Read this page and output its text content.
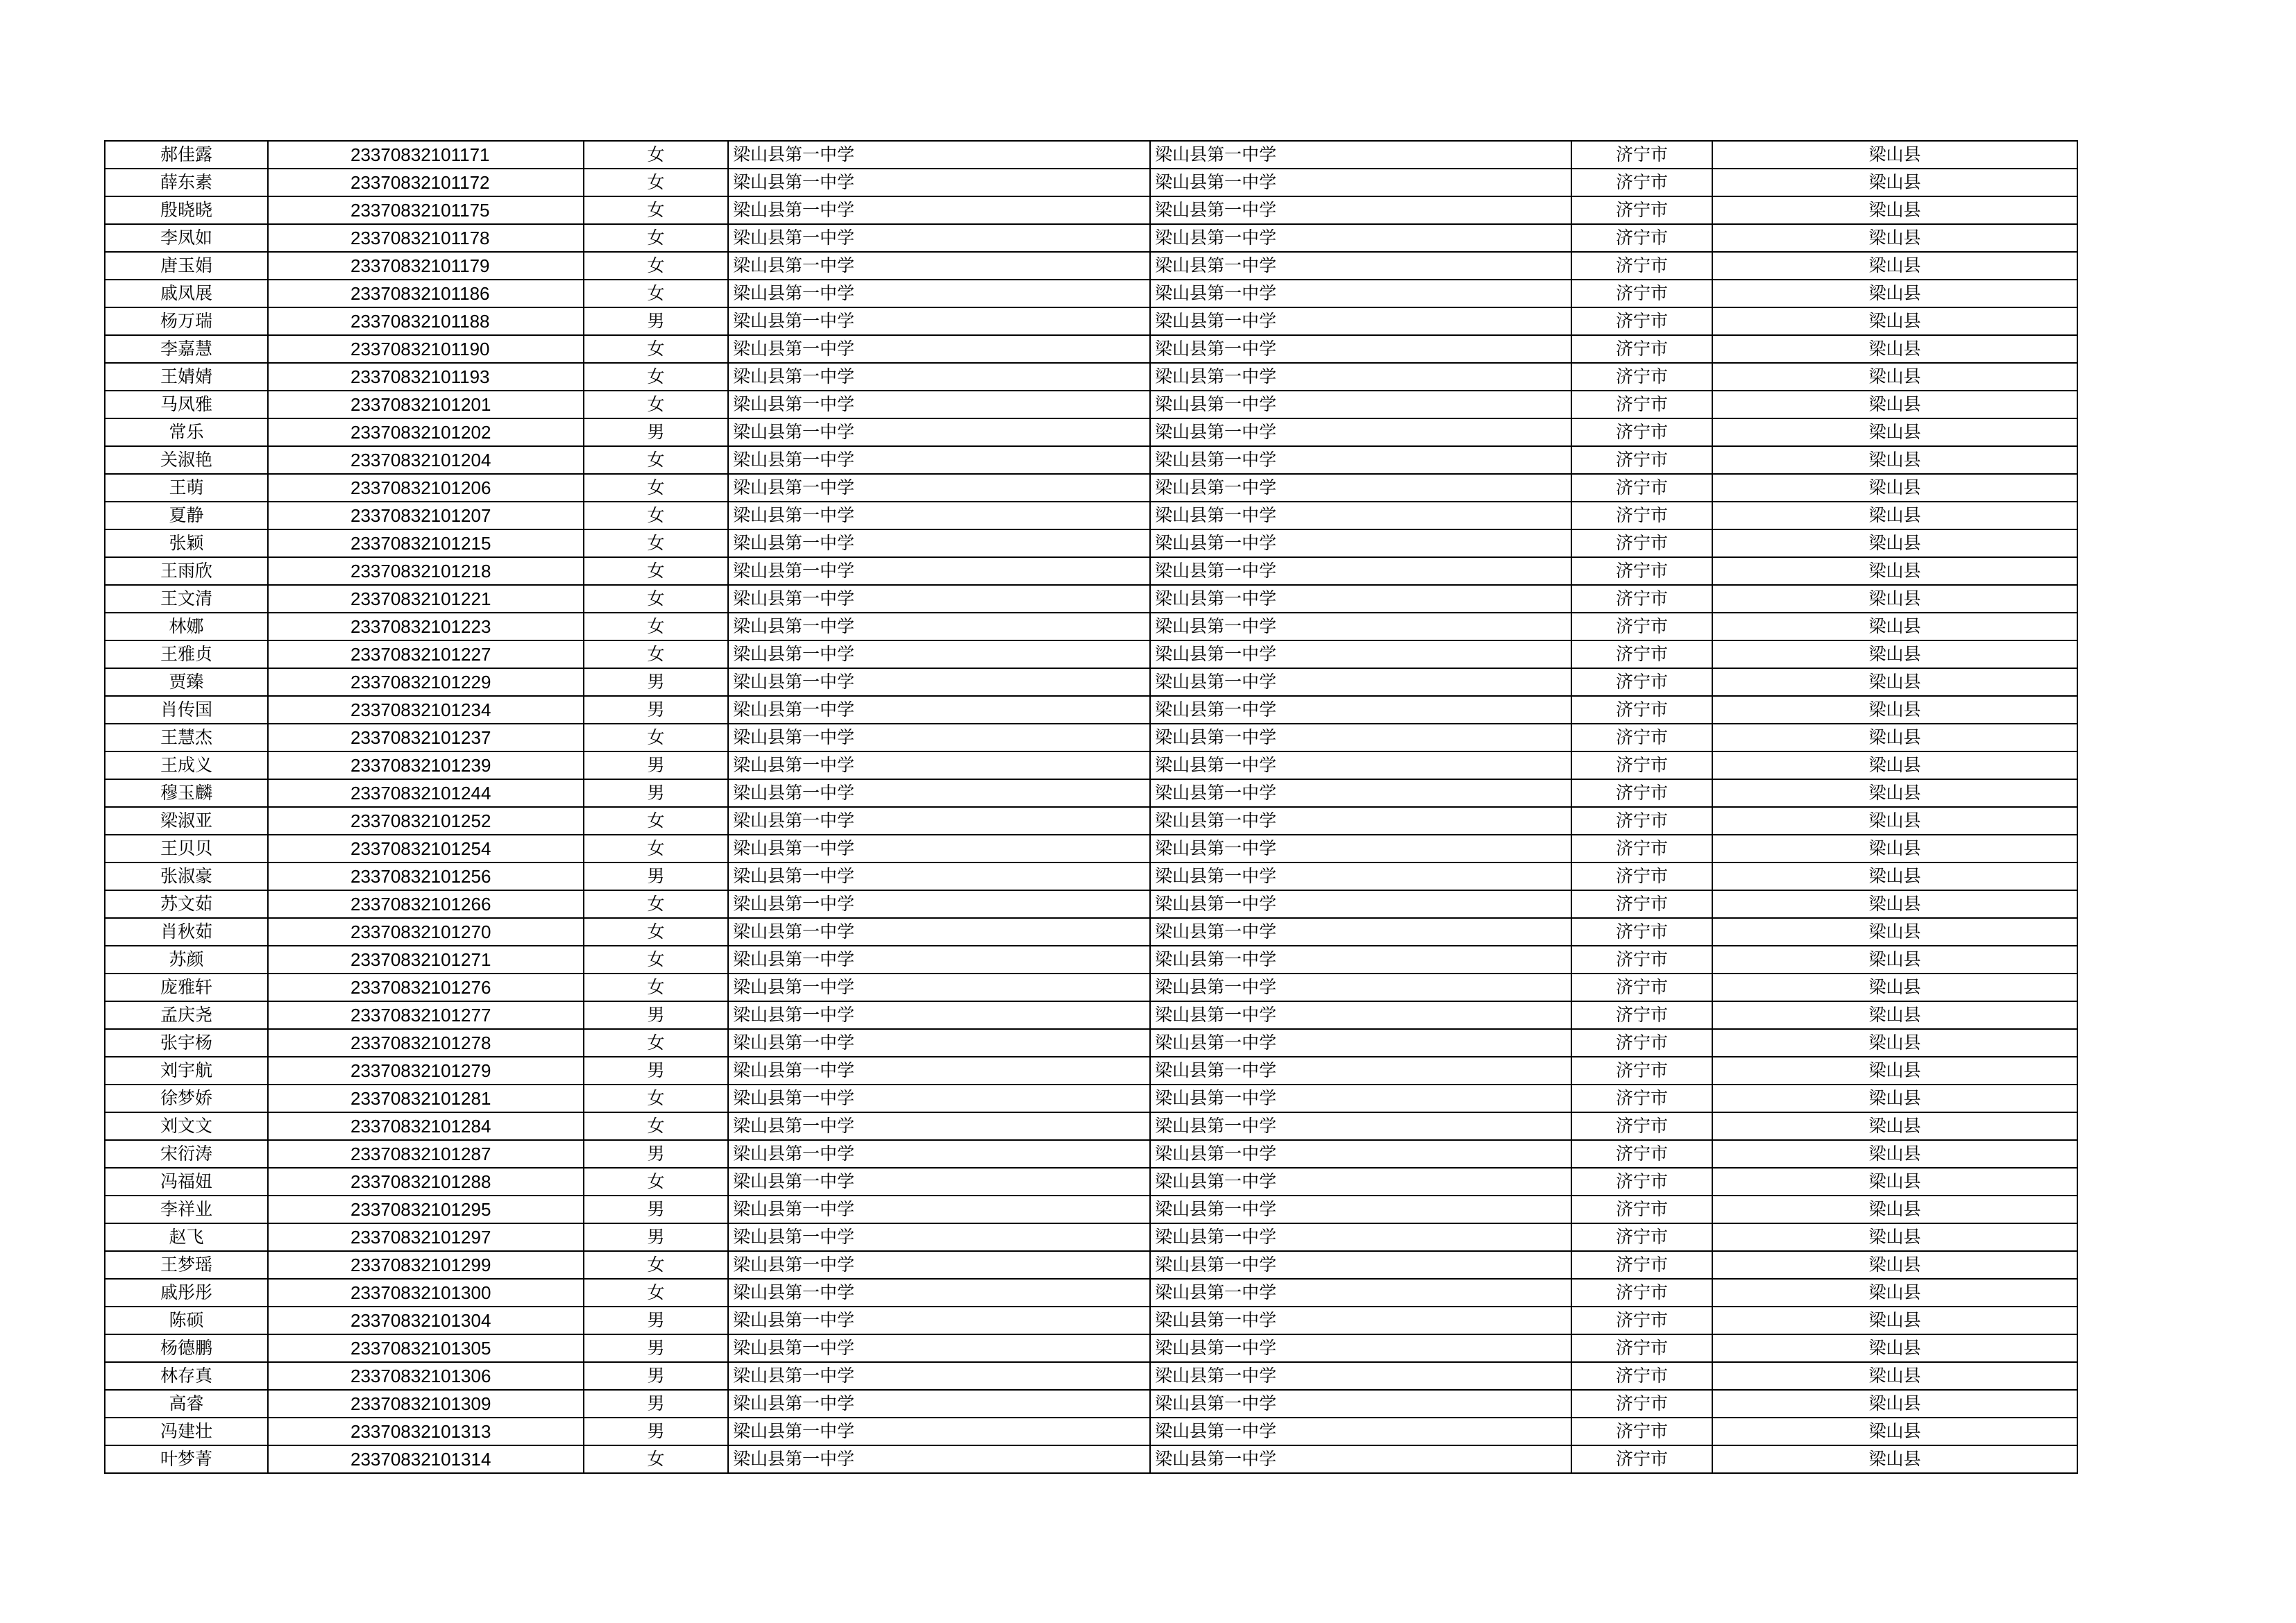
郝佳露	23370832101171	女	梁山县第一中学	梁山县第一中学	济宁市	梁山县
薛东素	23370832101172	女	梁山县第一中学	梁山县第一中学	济宁市	梁山县
殷晓晓	23370832101175	女	梁山县第一中学	梁山县第一中学	济宁市	梁山县
李凤如	23370832101178	女	梁山县第一中学	梁山县第一中学	济宁市	梁山县
唐玉娟	23370832101179	女	梁山县第一中学	梁山县第一中学	济宁市	梁山县
戚凤展	23370832101186	女	梁山县第一中学	梁山县第一中学	济宁市	梁山县
杨万瑞	23370832101188	男	梁山县第一中学	梁山县第一中学	济宁市	梁山县
李嘉慧	23370832101190	女	梁山县第一中学	梁山县第一中学	济宁市	梁山县
王婧婧	23370832101193	女	梁山县第一中学	梁山县第一中学	济宁市	梁山县
马凤雅	23370832101201	女	梁山县第一中学	梁山县第一中学	济宁市	梁山县
常乐	23370832101202	男	梁山县第一中学	梁山县第一中学	济宁市	梁山县
关淑艳	23370832101204	女	梁山县第一中学	梁山县第一中学	济宁市	梁山县
王萌	23370832101206	女	梁山县第一中学	梁山县第一中学	济宁市	梁山县
夏静	23370832101207	女	梁山县第一中学	梁山县第一中学	济宁市	梁山县
张颖	23370832101215	女	梁山县第一中学	梁山县第一中学	济宁市	梁山县
王雨欣	23370832101218	女	梁山县第一中学	梁山县第一中学	济宁市	梁山县
王文清	23370832101221	女	梁山县第一中学	梁山县第一中学	济宁市	梁山县
林娜	23370832101223	女	梁山县第一中学	梁山县第一中学	济宁市	梁山县
王雅贞	23370832101227	女	梁山县第一中学	梁山县第一中学	济宁市	梁山县
贾臻	23370832101229	男	梁山县第一中学	梁山县第一中学	济宁市	梁山县
肖传国	23370832101234	男	梁山县第一中学	梁山县第一中学	济宁市	梁山县
王慧杰	23370832101237	女	梁山县第一中学	梁山县第一中学	济宁市	梁山县
王成义	23370832101239	男	梁山县第一中学	梁山县第一中学	济宁市	梁山县
穆玉麟	23370832101244	男	梁山县第一中学	梁山县第一中学	济宁市	梁山县
梁淑亚	23370832101252	女	梁山县第一中学	梁山县第一中学	济宁市	梁山县
王贝贝	23370832101254	女	梁山县第一中学	梁山县第一中学	济宁市	梁山县
张淑豪	23370832101256	男	梁山县第一中学	梁山县第一中学	济宁市	梁山县
苏文茹	23370832101266	女	梁山县第一中学	梁山县第一中学	济宁市	梁山县
肖秋茹	23370832101270	女	梁山县第一中学	梁山县第一中学	济宁市	梁山县
苏颜	23370832101271	女	梁山县第一中学	梁山县第一中学	济宁市	梁山县
庞雅轩	23370832101276	女	梁山县第一中学	梁山县第一中学	济宁市	梁山县
孟庆尧	23370832101277	男	梁山县第一中学	梁山县第一中学	济宁市	梁山县
张宇杨	23370832101278	女	梁山县第一中学	梁山县第一中学	济宁市	梁山县
刘宇航	23370832101279	男	梁山县第一中学	梁山县第一中学	济宁市	梁山县
徐梦娇	23370832101281	女	梁山县第一中学	梁山县第一中学	济宁市	梁山县
刘文文	23370832101284	女	梁山县第一中学	梁山县第一中学	济宁市	梁山县
宋衍涛	23370832101287	男	梁山县第一中学	梁山县第一中学	济宁市	梁山县
冯福妞	23370832101288	女	梁山县第一中学	梁山县第一中学	济宁市	梁山县
李祥业	23370832101295	男	梁山县第一中学	梁山县第一中学	济宁市	梁山县
赵飞	23370832101297	男	梁山县第一中学	梁山县第一中学	济宁市	梁山县
王梦瑶	23370832101299	女	梁山县第一中学	梁山县第一中学	济宁市	梁山县
戚彤彤	23370832101300	女	梁山县第一中学	梁山县第一中学	济宁市	梁山县
陈硕	23370832101304	男	梁山县第一中学	梁山县第一中学	济宁市	梁山县
杨德鹏	23370832101305	男	梁山县第一中学	梁山县第一中学	济宁市	梁山县
林存真	23370832101306	男	梁山县第一中学	梁山县第一中学	济宁市	梁山县
高睿	23370832101309	男	梁山县第一中学	梁山县第一中学	济宁市	梁山县
冯建壮	23370832101313	男	梁山县第一中学	梁山县第一中学	济宁市	梁山县
叶梦菁	23370832101314	女	梁山县第一中学	梁山县第一中学	济宁市	梁山县
